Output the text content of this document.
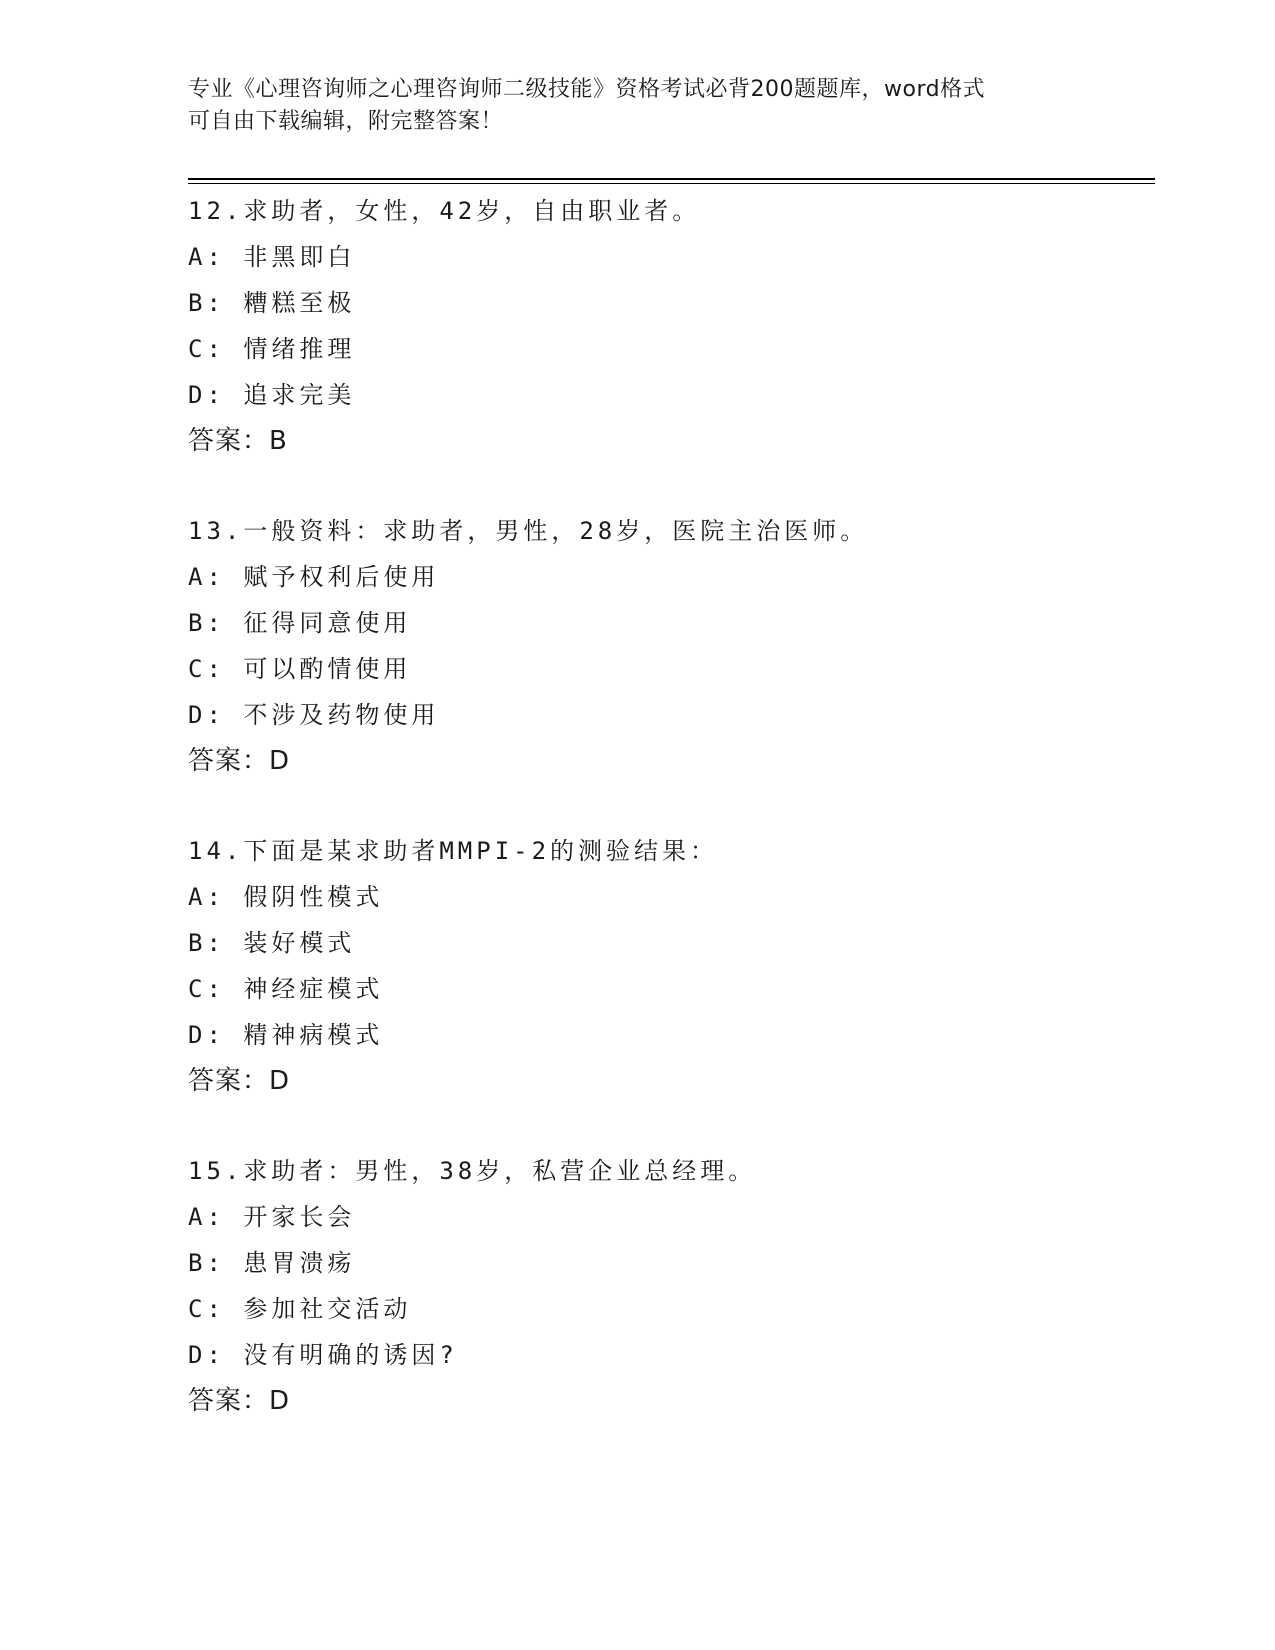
专业《心理咨询师之心理咨询师二级技能》资格考试必背200题题库，word格式
可自由下载编辑，附完整答案！
12.求助者，女性，42岁，自由职业者。
A: 非黑即白
B: 糟糕至极
C: 情绪推理
D: 追求完美
答案：B
13.一般资料：求助者，男性，28岁，医院主治医师。
A: 赋予权利后使用
B: 征得同意使用
C: 可以酌情使用
D: 不涉及药物使用
答案：D
14.下面是某求助者MMPI-2的测验结果：
A: 假阴性模式
B: 装好模式
C: 神经症模式
D: 精神病模式
答案：D
15.求助者：男性，38岁，私营企业总经理。
A: 开家长会
B: 患胃溃疡
C: 参加社交活动
D: 没有明确的诱因?
答案：D
